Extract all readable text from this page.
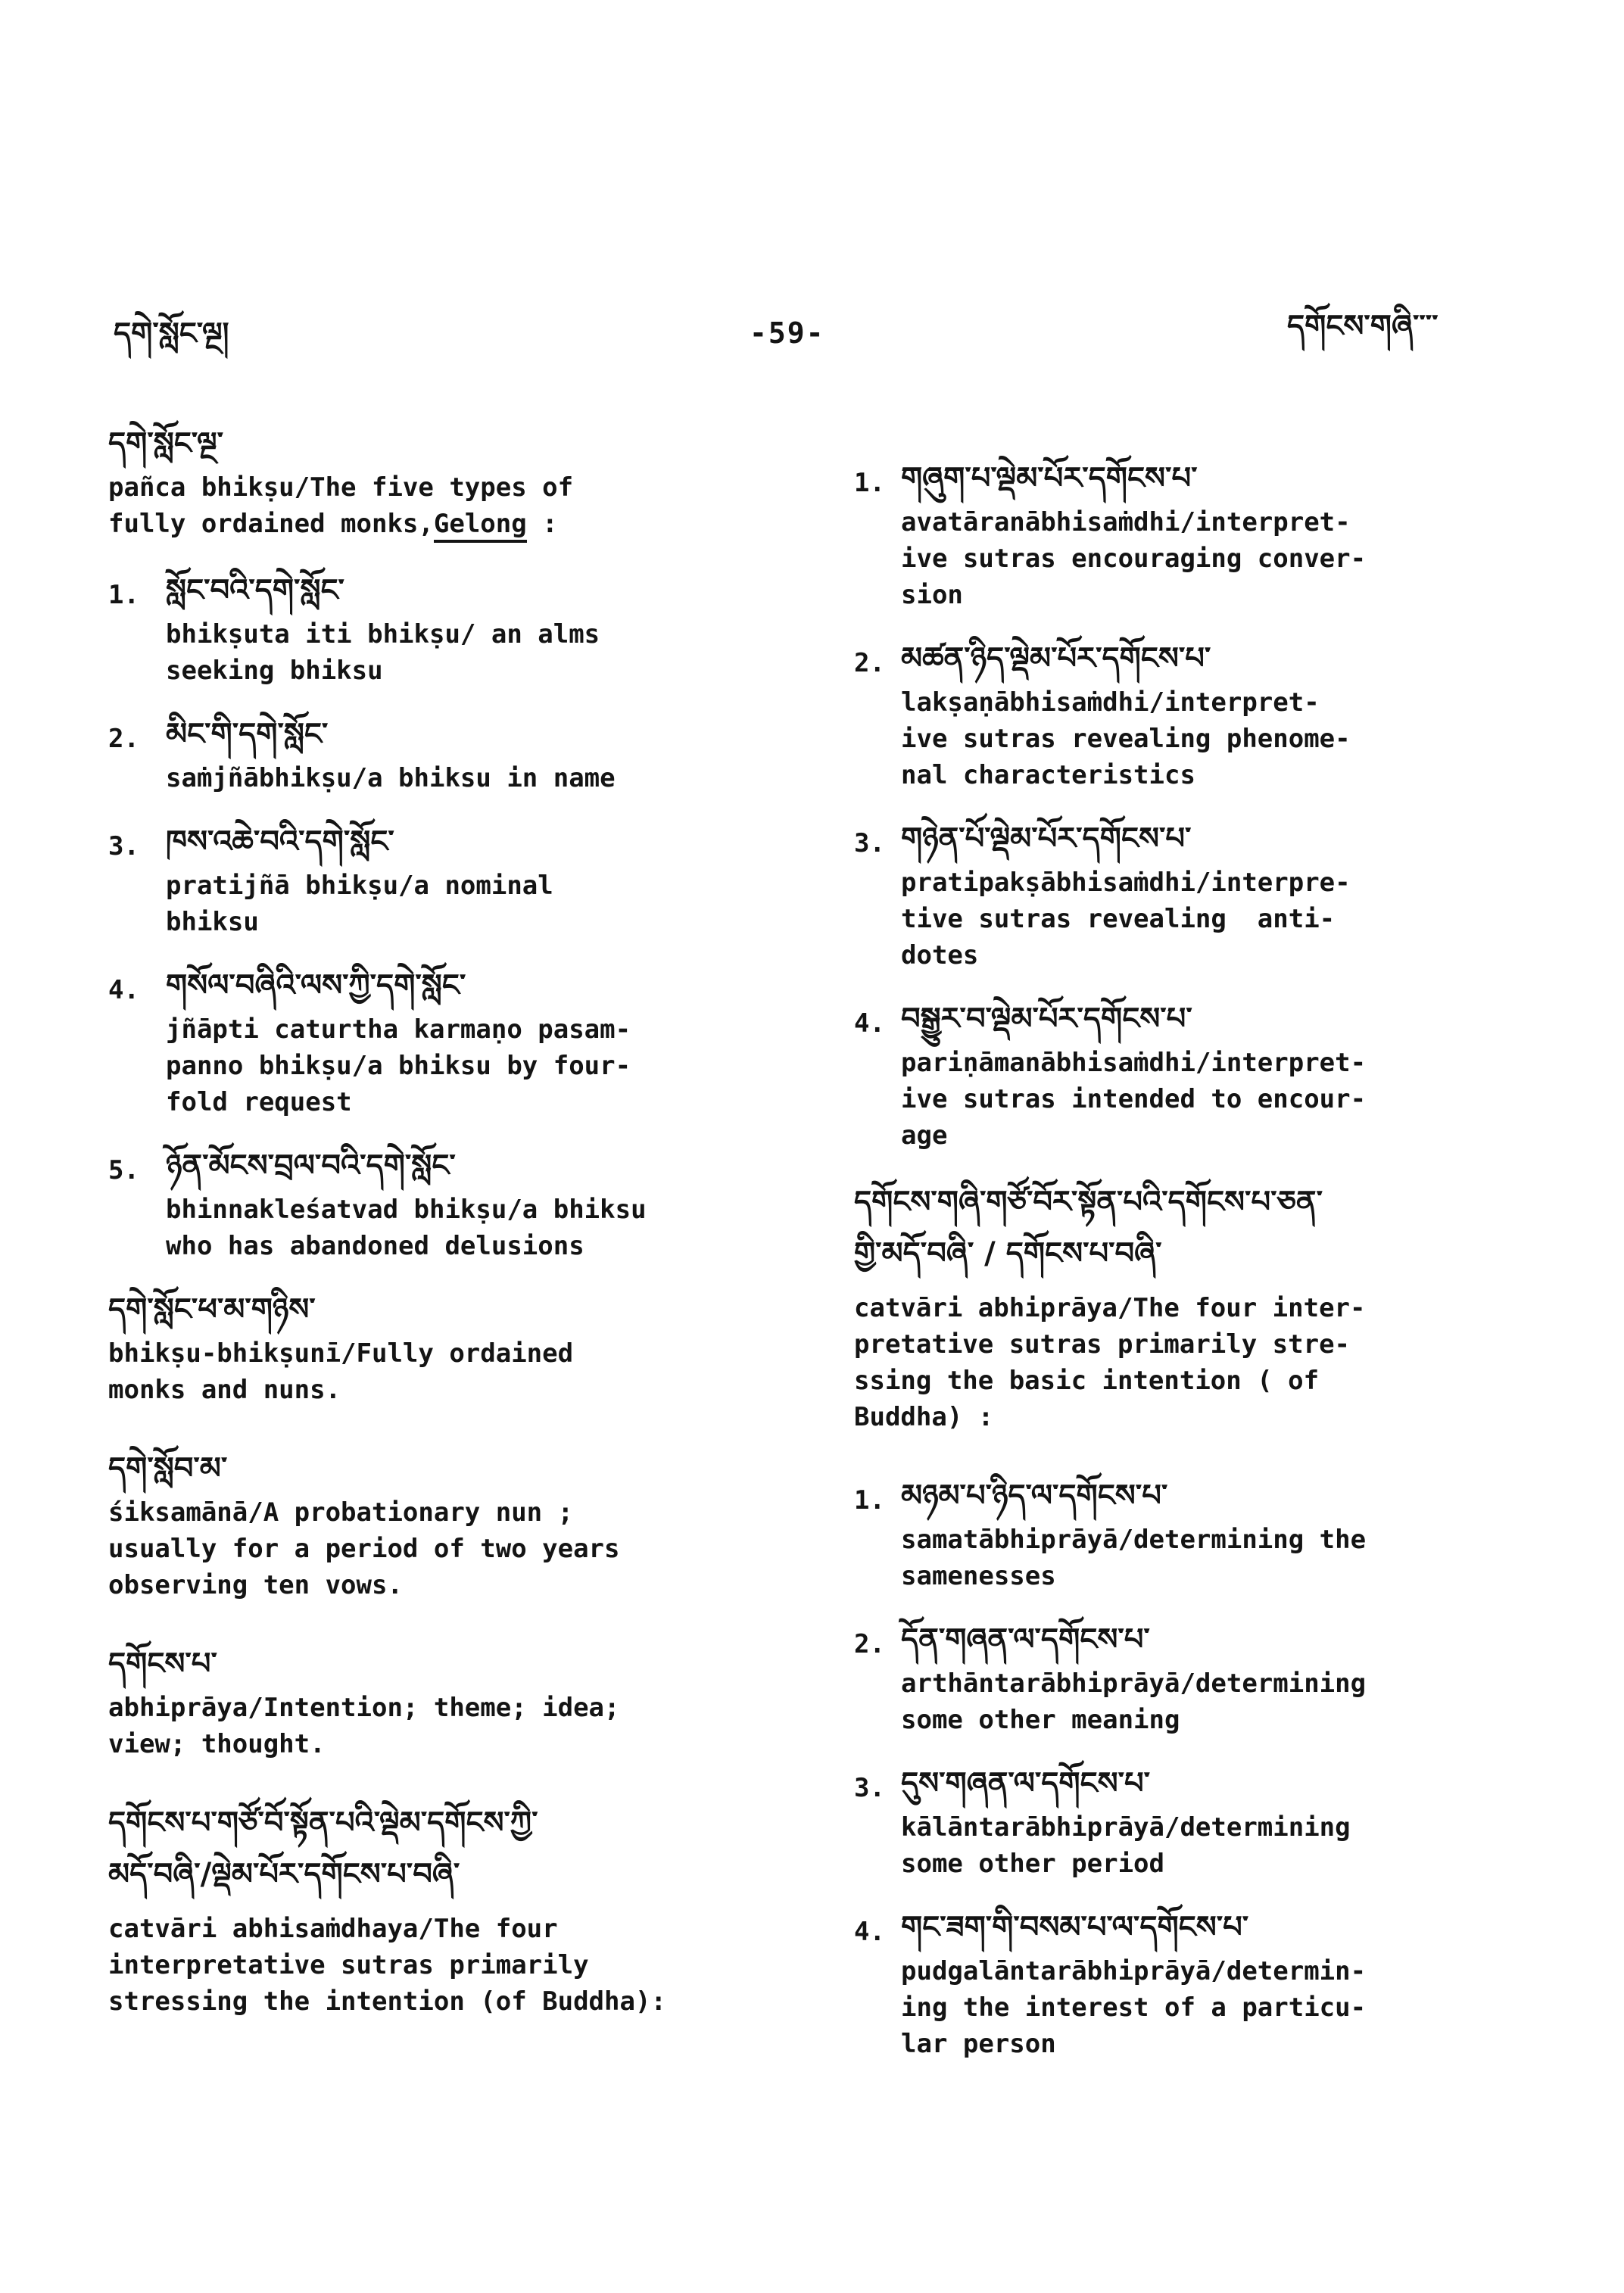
དགེ་སློང་ལྔ།	-59-	དགོངས་གཞི་་་་
དགེ་སློང་ལྔ་
pañca bhikṣu/The five types of
fully ordained monks,Gelong :
1. སློང་བའི་དགེ་སློང་
bhikṣuta iti bhikṣu/ an alms
seeking bhiksu
2. མིང་གི་དགེ་སློང་
saṁjñābhikṣu/a bhiksu in name
3. ཁས་འཆེ་བའི་དགེ་སློང་
pratijñā bhikṣu/a nominal
bhiksu
4. གསོལ་བཞིའི་ལས་ཀྱི་དགེ་སློང་
jñāpti caturtha karmaṇo pasam-
panno bhikṣu/a bhiksu by four-
fold request
5. ཉོན་མོངས་བྲལ་བའི་དགེ་སློང་
bhinnakleśatvad bhikṣu/a bhiksu
who has abandoned delusions
དགེ་སློང་ཕ་མ་གཉིས་
bhikṣu-bhikṣunī/Fully ordained
monks and nuns.
དགེ་སློབ་མ་
śiksamānā/A probationary nun ;
usually for a period of two years
observing ten vows.
དགོངས་པ་
abhiprāya/Intention; theme; idea;
view; thought.
དགོངས་པ་གཙོ་བོ་སྟོན་པའི་ལྡེམ་དགོངས་ཀྱི་
མདོ་བཞི་/ལྡེམ་པོར་དགོངས་པ་བཞི་
catvāri abhisaṁdhaya/The four
interpretative sutras primarily
stressing the intention (of Buddha):
1. གཞུག་པ་ལྡེམ་པོར་དགོངས་པ་
avatāranābhisaṁdhi/interpret-
ive sutras encouraging conver-
sion
2. མཚན་ཉིད་ལྡེམ་པོར་དགོངས་པ་
lakṣaṇābhisaṁdhi/interpret-
ive sutras revealing phenome-
nal characteristics
3. གཉེན་པོ་ལྡེམ་པོར་དགོངས་པ་
pratipakṣābhisaṁdhi/interpre-
tive sutras revealing  anti-
dotes
4. བསྒྱུར་བ་ལྡེམ་པོར་དགོངས་པ་
pariṇāmanābhisaṁdhi/interpret-
ive sutras intended to encour-
age
དགོངས་གཞི་གཙོ་བོར་སྟོན་པའི་དགོངས་པ་ཅན་
གྱི་མདོ་བཞི་ / དགོངས་པ་བཞི་
catvāri abhiprāya/The four inter-
pretative sutras primarily stre-
ssing the basic intention ( of
Buddha) :
1. མཉམ་པ་ཉིད་ལ་དགོངས་པ་
samatābhiprāyā/determining the
samenesses
2. དོན་གཞན་ལ་དགོངས་པ་
arthāntarābhiprāyā/determining
some other meaning
3. དུས་གཞན་ལ་དགོངས་པ་
kālāntarābhiprāyā/determining
some other period
4. གང་ཟག་གི་བསམ་པ་ལ་དགོངས་པ་
pudgalāntarābhiprāyā/determin-
ing the interest of a particu-
lar person
